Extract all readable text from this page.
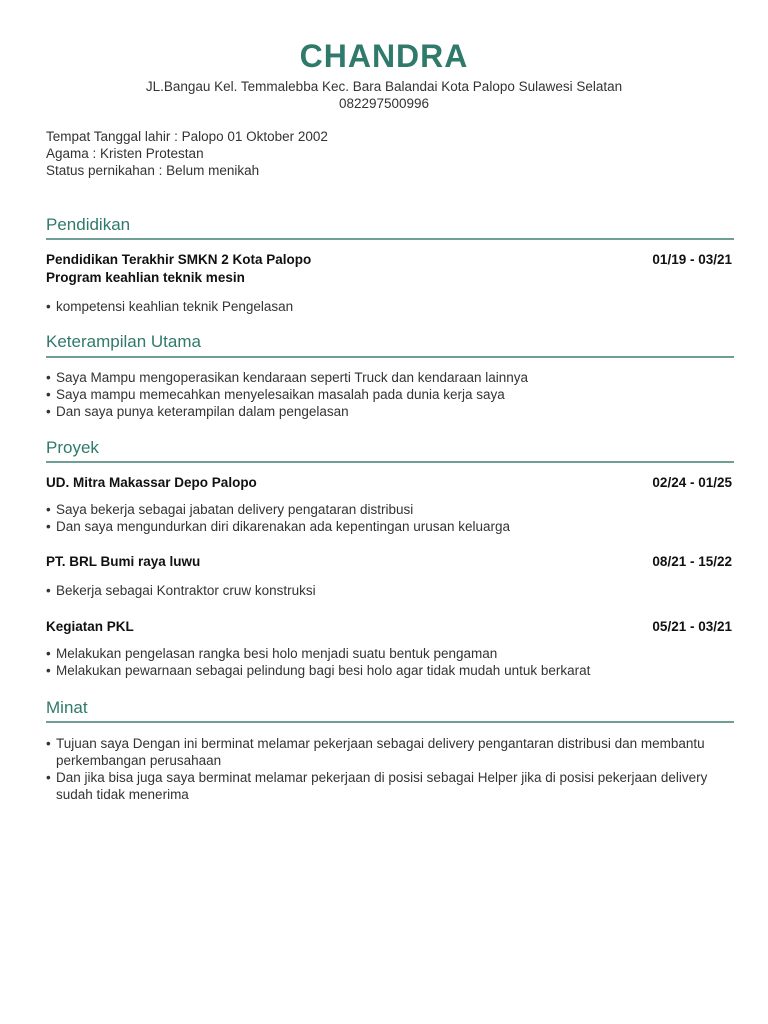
CHANDRA
JL.Bangau Kel. Temmalebba Kec. Bara Balandai Kota Palopo Sulawesi Selatan
082297500996
Tempat Tanggal lahir : Palopo 01 Oktober 2002
Agama : Kristen Protestan
Status pernikahan : Belum menikah
Pendidikan
Pendidikan Terakhir SMKN 2 Kota Palopo	01/19 - 03/21
Program keahlian teknik mesin
• kompetensi keahlian teknik Pengelasan
Keterampilan Utama
• Saya Mampu mengoperasikan kendaraan seperti Truck dan kendaraan lainnya
• Saya mampu memecahkan menyelesaikan masalah pada dunia kerja saya
• Dan saya punya keterampilan dalam pengelasan
Proyek
UD. Mitra Makassar Depo Palopo	02/24 - 01/25
• Saya bekerja sebagai jabatan delivery pengataran distribusi
• Dan saya mengundurkan diri dikarenakan ada kepentingan urusan keluarga
PT. BRL Bumi raya luwu	08/21 - 15/22
• Bekerja sebagai Kontraktor cruw konstruksi
Kegiatan PKL	05/21 - 03/21
• Melakukan pengelasan rangka besi holo menjadi suatu bentuk pengaman
• Melakukan pewarnaan sebagai pelindung bagi besi holo agar tidak mudah untuk berkarat
Minat
• Tujuan saya Dengan ini berminat melamar pekerjaan sebagai delivery pengantaran distribusi dan membantu perkembangan perusahaan
• Dan jika bisa juga saya berminat melamar pekerjaan di posisi sebagai Helper jika di posisi pekerjaan delivery sudah tidak menerima
